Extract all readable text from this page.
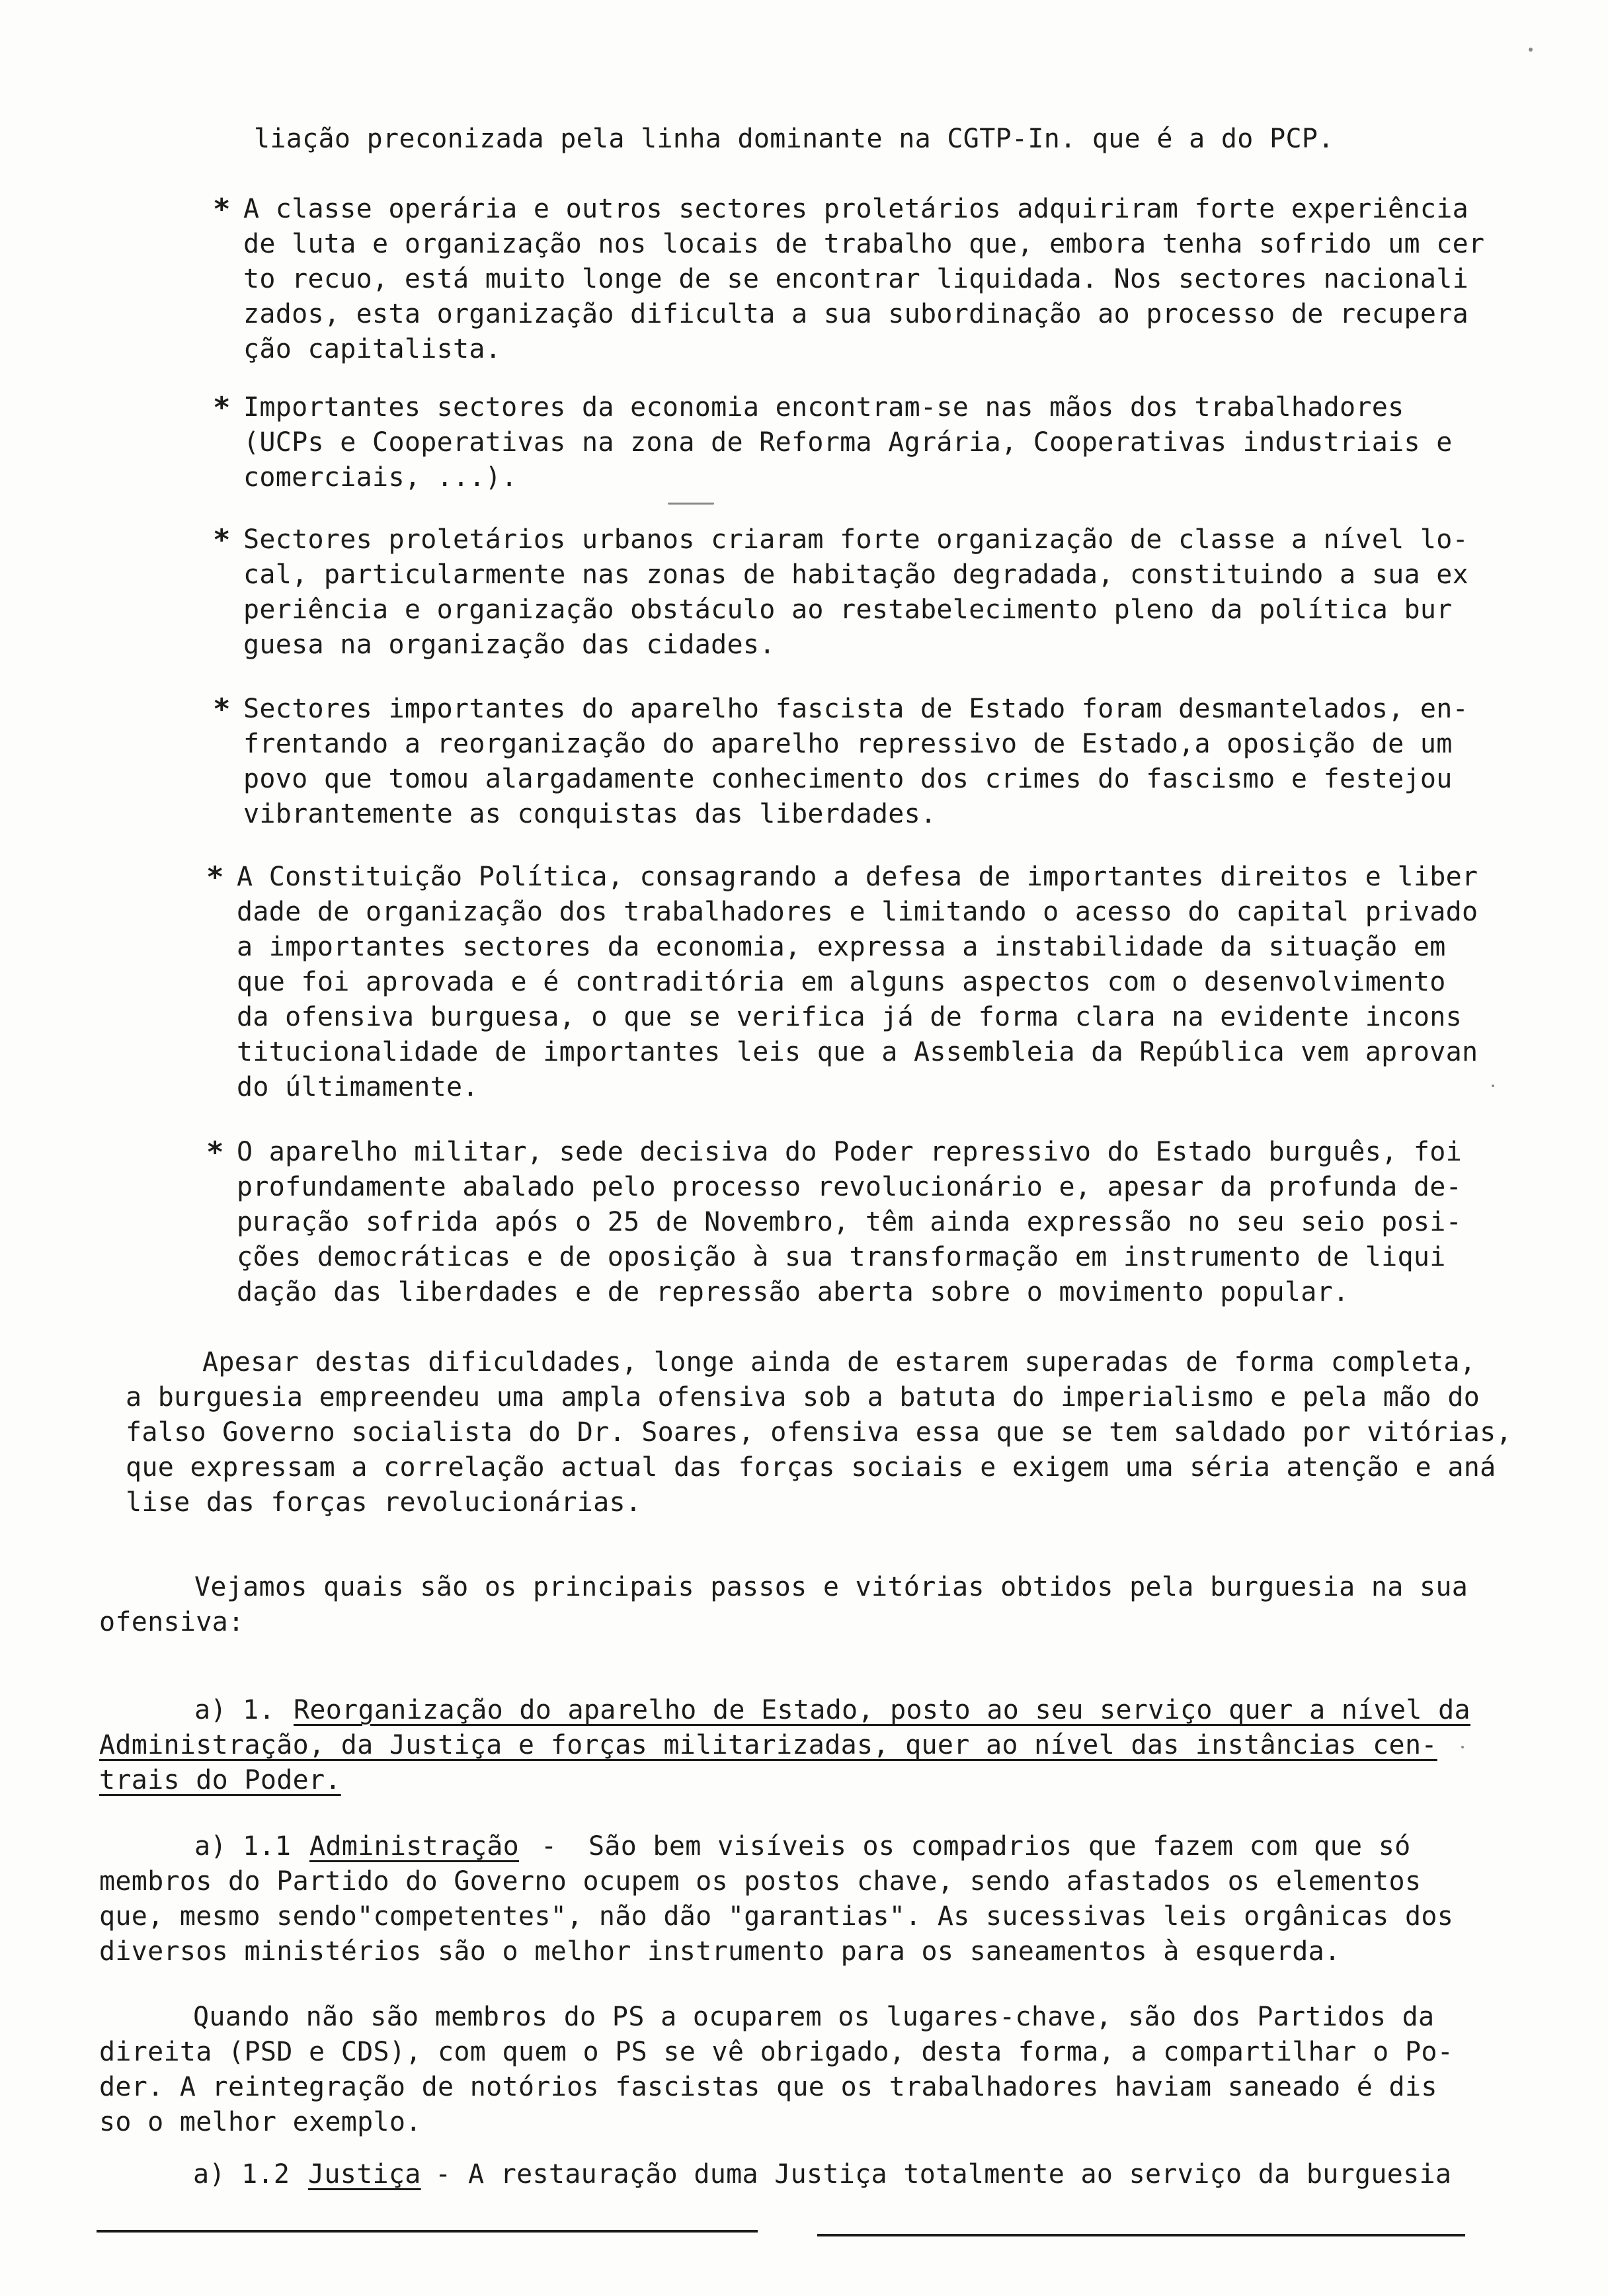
liação preconizada pela linha dominante na CGTP-In. que é a do PCP.
* A classe operária e outros sectores proletários adquiriram forte experiência
de luta e organização nos locais de trabalho que, embora tenha sofrido um cer
to recuo, está muito longe de se encontrar liquidada. Nos sectores nacionali
zados, esta organização dificulta a sua subordinação ao processo de recupera
ção capitalista.
* Importantes sectores da economia encontram-se nas mãos dos trabalhadores
(UCPs e Cooperativas na zona de Reforma Agrária, Cooperativas industriais e
comerciais, ...).
* Sectores proletários urbanos criaram forte organização de classe a nível lo-
cal, particularmente nas zonas de habitação degradada, constituindo a sua ex
periência e organização obstáculo ao restabelecimento pleno da política bur
guesa na organização das cidades.
* Sectores importantes do aparelho fascista de Estado foram desmantelados, en-
frentando a reorganização do aparelho repressivo de Estado,a oposição de um
povo que tomou alargadamente conhecimento dos crimes do fascismo e festejou
vibrantemente as conquistas das liberdades.
* A Constituição Política, consagrando a defesa de importantes direitos e liber
dade de organização dos trabalhadores e limitando o acesso do capital privado
a importantes sectores da economia, expressa a instabilidade da situação em
que foi aprovada e é contraditória em alguns aspectos com o desenvolvimento
da ofensiva burguesa, o que se verifica já de forma clara na evidente incons
titucionalidade de importantes leis que a Assembleia da República vem aprovan
do últimamente.
* O aparelho militar, sede decisiva do Poder repressivo do Estado burguês, foi
profundamente abalado pelo processo revolucionário e, apesar da profunda de-
puração sofrida após o 25 de Novembro, têm ainda expressão no seu seio posi-
ções democráticas e de oposição à sua transformação em instrumento de liqui
dação das liberdades e de repressão aberta sobre o movimento popular.
Apesar destas dificuldades, longe ainda de estarem superadas de forma completa,
a burguesia empreendeu uma ampla ofensiva sob a batuta do imperialismo e pela mão do
falso Governo socialista do Dr. Soares, ofensiva essa que se tem saldado por vitórias,
que expressam a correlação actual das forças sociais e exigem uma séria atenção e aná
lise das forças revolucionárias.
Vejamos quais são os principais passos e vitórias obtidos pela burguesia na sua
ofensiva:
a) 1. Reorganização do aparelho de Estado, posto ao seu serviço quer a nível da
Administração, da Justiça e forças militarizadas, quer ao nível das instâncias cen-
trais do Poder.
a) 1.1 Administração - São bem visíveis os compadrios que fazem com que só
membros do Partido do Governo ocupem os postos chave, sendo afastados os elementos
que, mesmo sendo"competentes", não dão "garantias". As sucessivas leis orgânicas dos
diversos ministérios são o melhor instrumento para os saneamentos à esquerda.
Quando não são membros do PS a ocuparem os lugares-chave, são dos Partidos da
direita (PSD e CDS), com quem o PS se vê obrigado, desta forma, a compartilhar o Po-
der. A reintegração de notórios fascistas que os trabalhadores haviam saneado é dis
so o melhor exemplo.
a) 1.2 Justiça - A restauração duma Justiça totalmente ao serviço da burguesia
